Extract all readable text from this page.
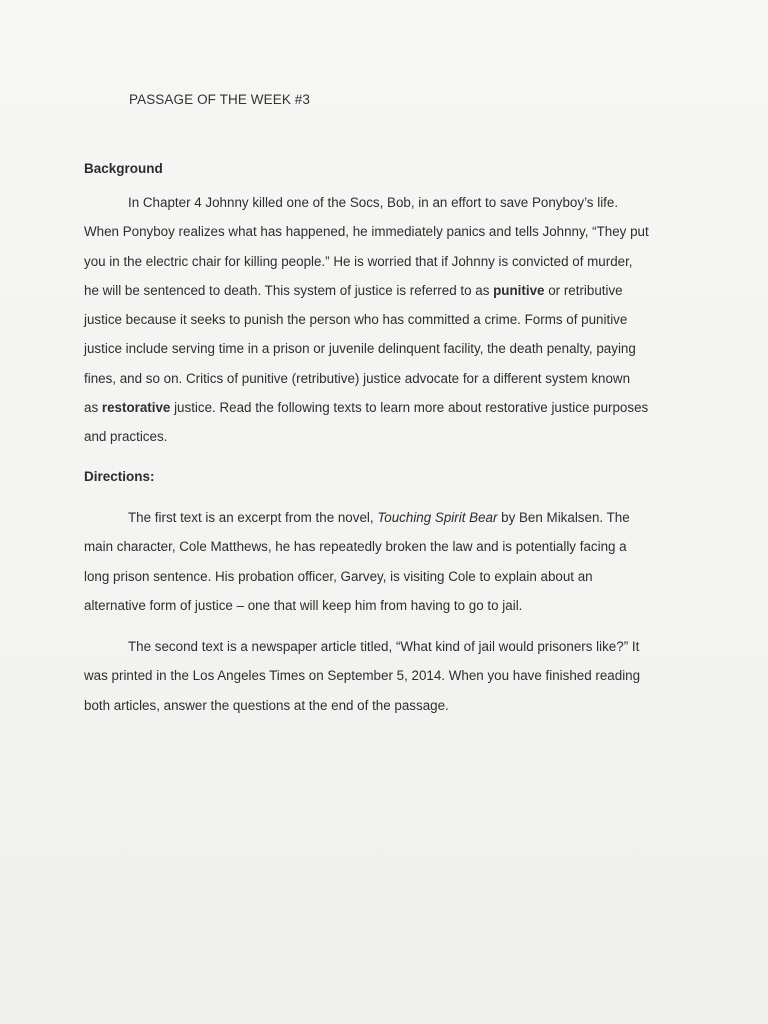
PASSAGE OF THE WEEK #3
Background

In Chapter 4 Johnny killed one of the Socs, Bob, in an effort to save Ponyboy’s life.
When Ponyboy realizes what has happened, he immediately panics and tells Johnny, “They put
you in the electric chair for killing people.” He is worried that if Johnny is convicted of murder,
he will be sentenced to death. This system of justice is referred to as punitive or retributive
justice because it seeks to punish the person who has committed a crime. Forms of punitive
justice include serving time in a prison or juvenile delinquent facility, the death penalty, paying
fines, and so on. Critics of punitive (retributive) justice advocate for a different system known
as restorative justice. Read the following texts to learn more about restorative justice purposes
and practices.

Directions:

The first text is an excerpt from the novel, Touching Spirit Bear by Ben Mikalsen. The
main character, Cole Matthews, he has repeatedly broken the law and is potentially facing a
long prison sentence. His probation officer, Garvey, is visiting Cole to explain about an
alternative form of justice – one that will keep him from having to go to jail.

The second text is a newspaper article titled, “What kind of jail would prisoners like?” It
was printed in the Los Angeles Times on September 5, 2014. When you have finished reading
both articles, answer the questions at the end of the passage.
